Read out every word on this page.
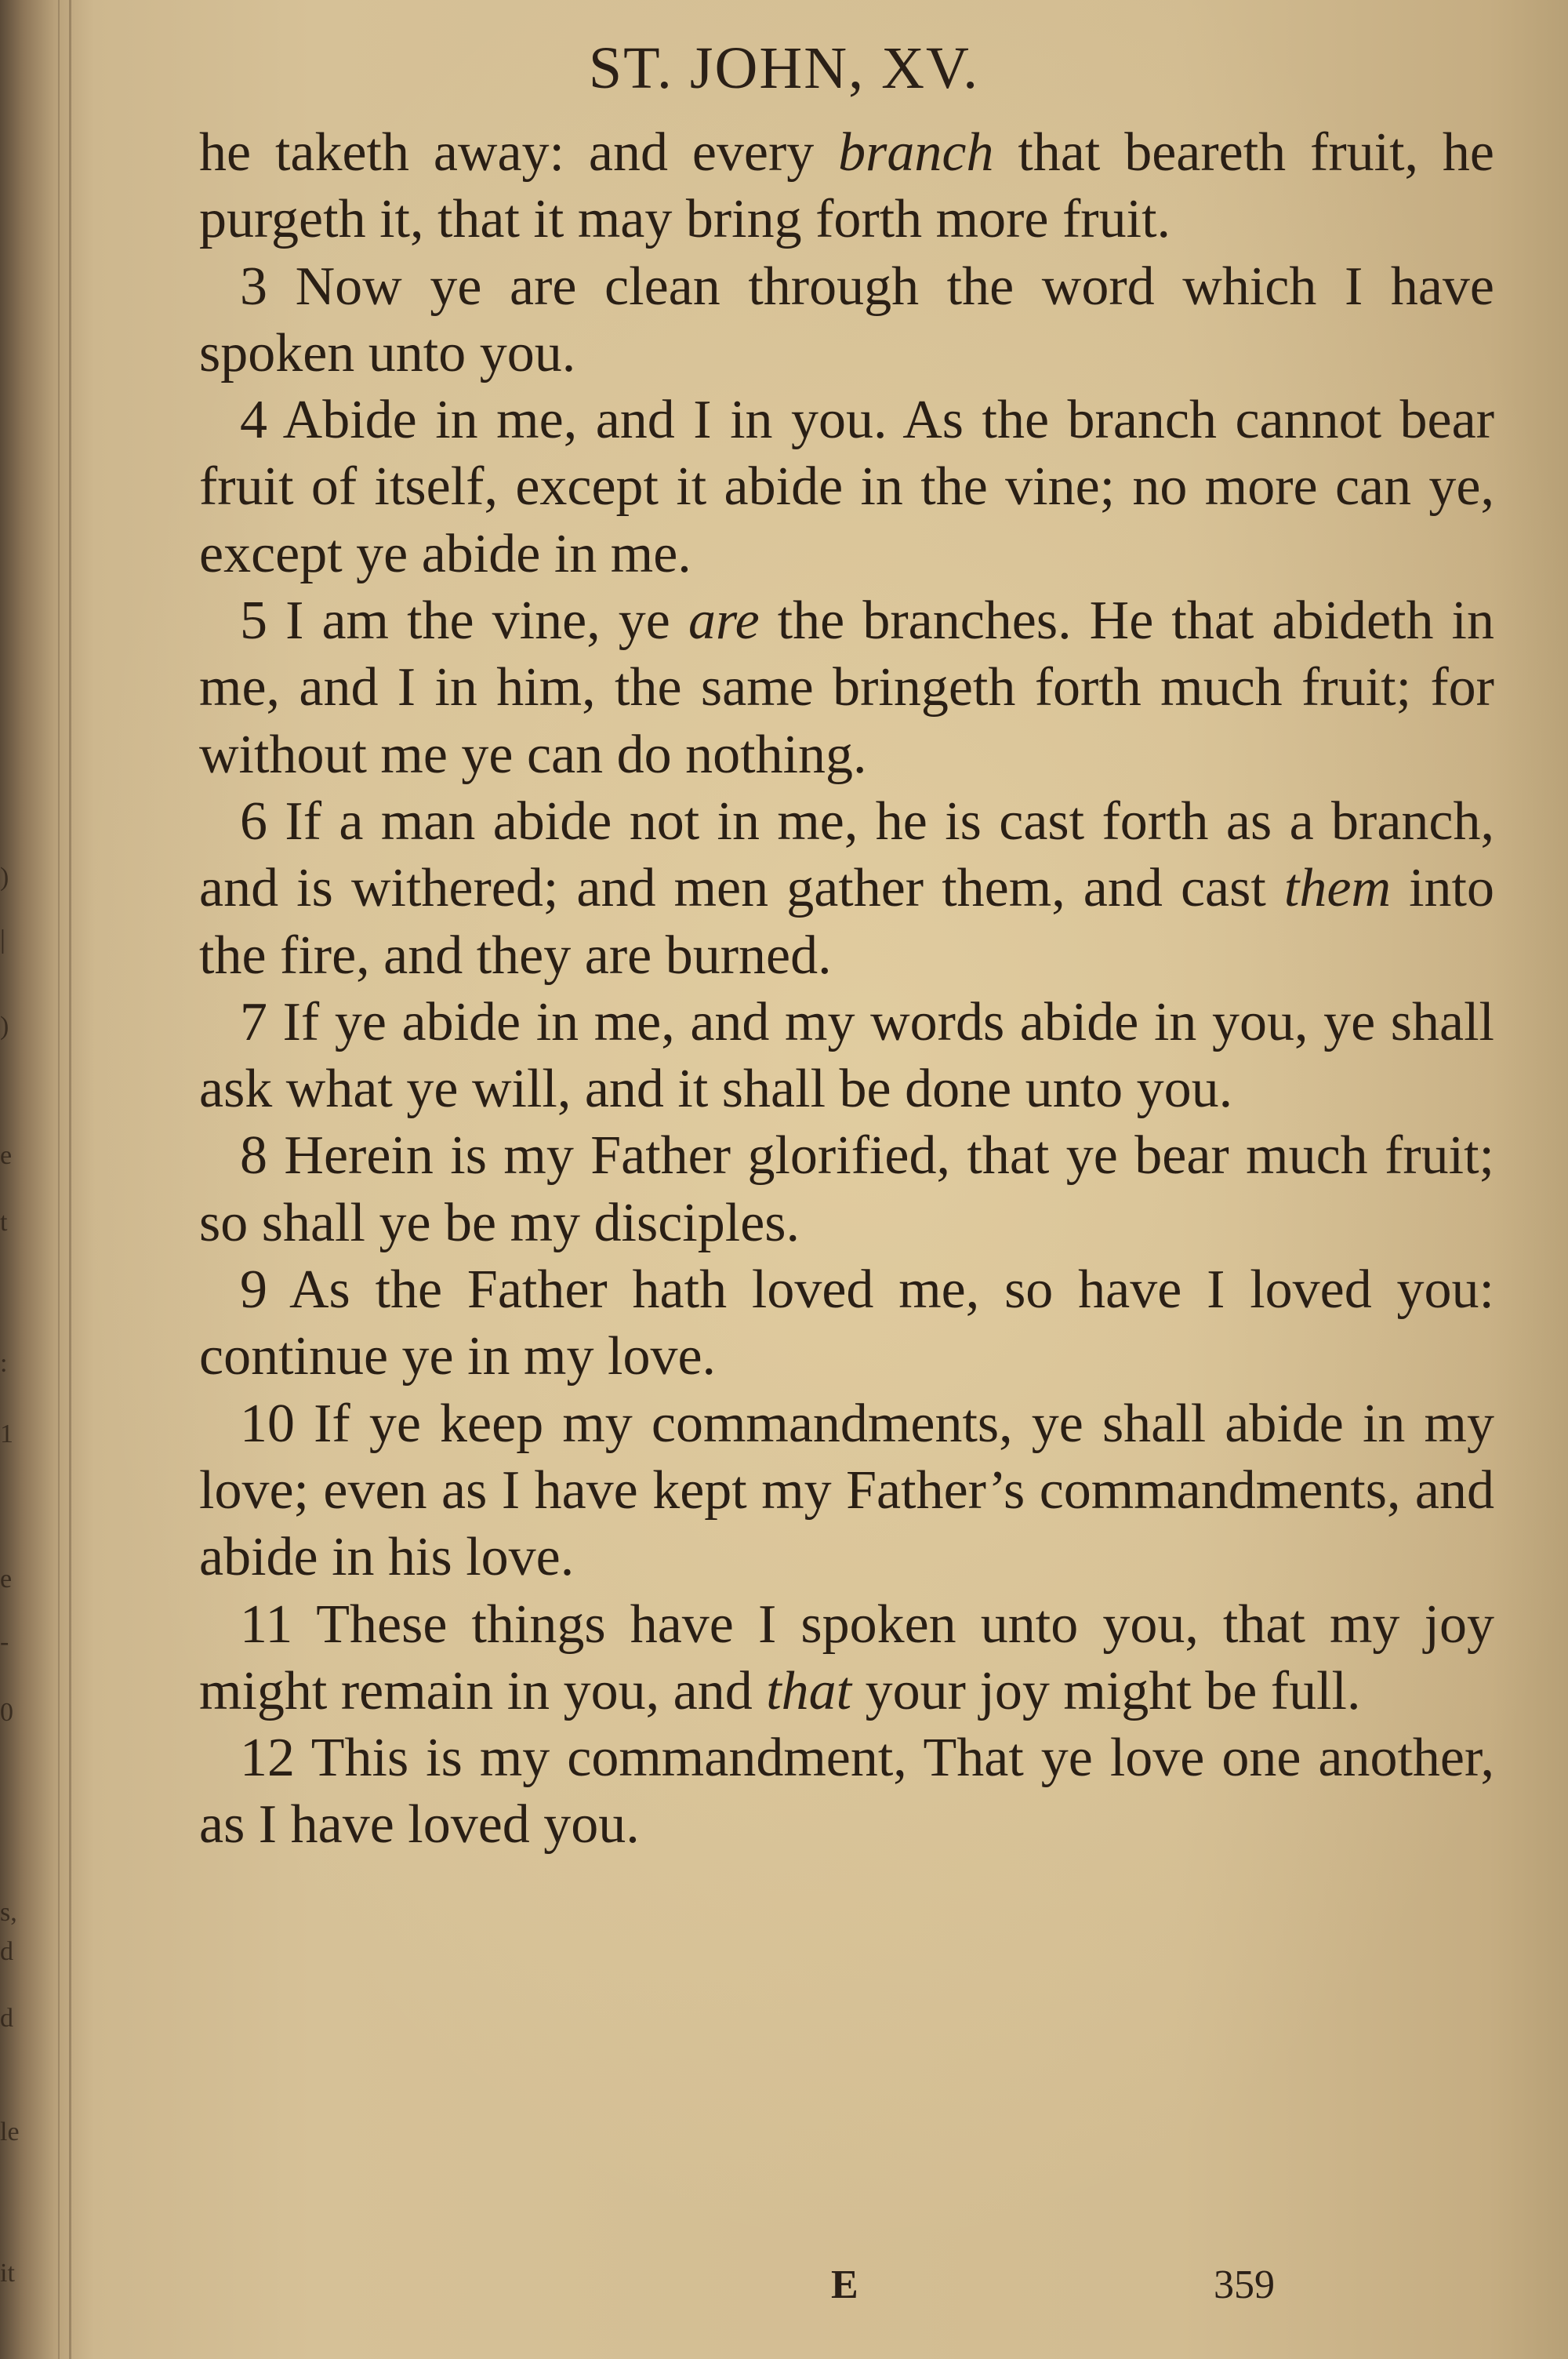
)
|
)
e
t
:
1
e
-
0
s,
d
d
le
it
ST. JOHN, XV.

he taketh away: and every branch that beareth fruit, he purgeth it, that it may bring forth more fruit.

3 Now ye are clean through the word which I have spoken unto you.

4 Abide in me, and I in you. As the branch cannot bear fruit of itself, except it abide in the vine; no more can ye, except ye abide in me.

5 I am the vine, ye are the branches. He that abideth in me, and I in him, the same bringeth forth much fruit; for without me ye can do nothing.

6 If a man abide not in me, he is cast forth as a branch, and is withered; and men gather them, and cast them into the fire, and they are burned.

7 If ye abide in me, and my words abide in you, ye shall ask what ye will, and it shall be done unto you.

8 Herein is my Father glorified, that ye bear much fruit; so shall ye be my disciples.

9 As the Father hath loved me, so have I loved you: continue ye in my love.

10 If ye keep my commandments, ye shall abide in my love; even as I have kept my Father’s commandments, and abide in his love.

11 These things have I spoken unto you, that my joy might remain in you, and that your joy might be full.

12 This is my commandment, That ye love one another, as I have loved you.

E	359
